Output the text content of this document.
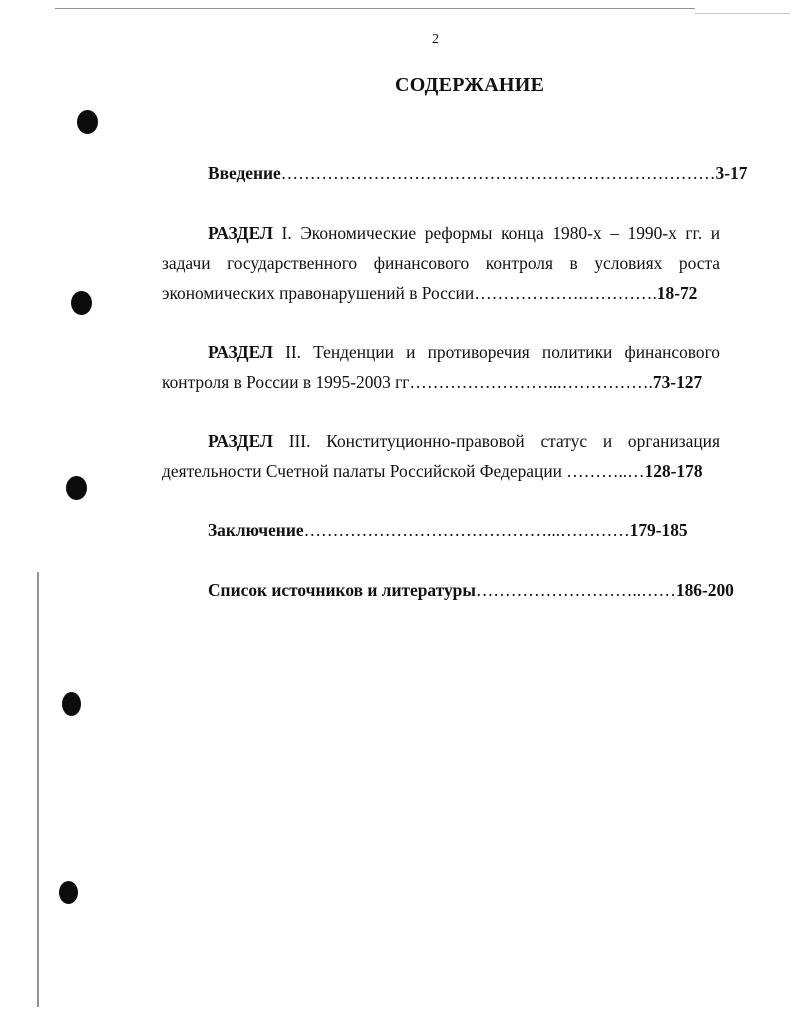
2
СОДЕРЖАНИЕ
Введение…………………………………………………………………3-17
РАЗДЕЛ I. Экономические реформы конца 1980-х – 1990-х гг. и
задачи государственного финансового контроля в условиях роста
экономических правонарушений в России……………….………….18-72
РАЗДЕЛ II. Тенденции и противоречия политики финансового
контроля в России в 1995-2003 гг……………………...…………….73-127
РАЗДЕЛ III. Конституционно-правовой статус и организация
деятельности Счетной палаты Российской Федерации ………..…128-178
Заключение……………………………………...…………179-185
Список источников и литературы………………………..……186-200
